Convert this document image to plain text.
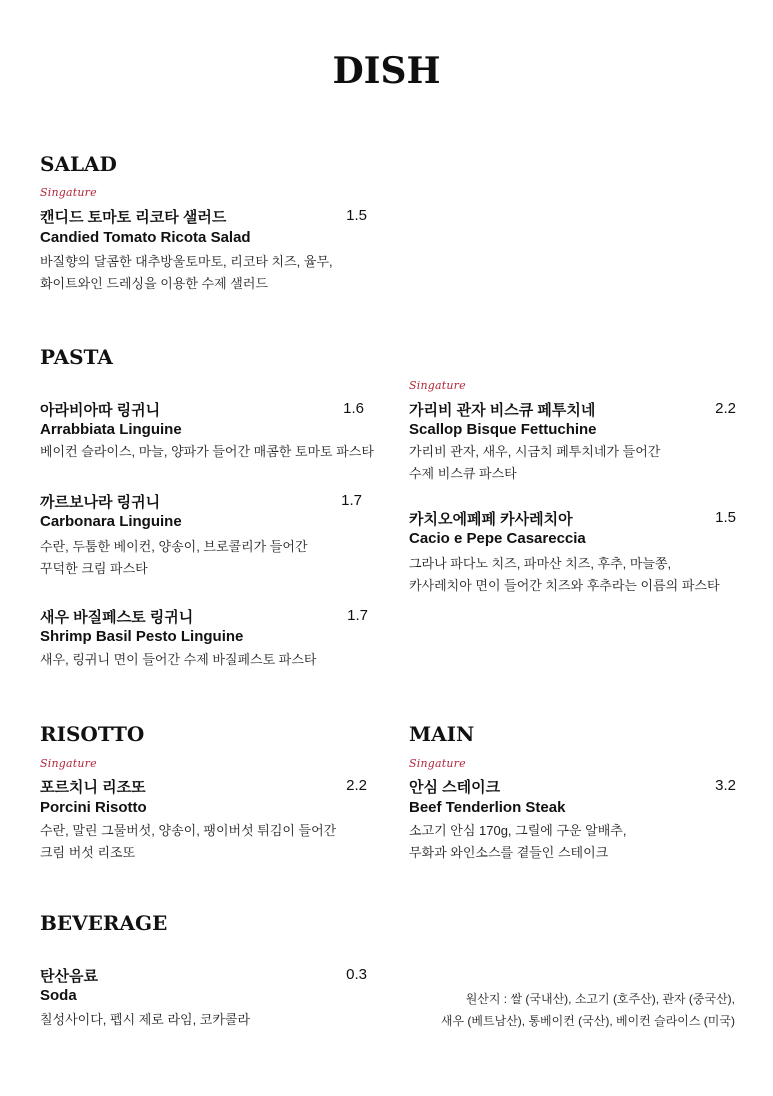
DISH
SALAD
Singature
캔디드 토마토 리코타 샐러드	1.5
Candied Tomato Ricota Salad
바질향의 달콤한 대추방울토마토, 리코타 치즈, 율무,
화이트와인 드레싱을 이용한 수제 샐러드
PASTA
아라비아따 링귀니	1.6
Arrabbiata Linguine
베이컨 슬라이스, 마늘, 양파가 들어간 매콤한 토마토 파스타
까르보나라 링귀니	1.7
Carbonara Linguine
수란, 두툼한 베이컨, 양송이, 브로콜리가 들어간
꾸덕한 크림 파스타
새우 바질페스토 링귀니	1.7
Shrimp Basil Pesto Linguine
새우, 링귀니 면이 들어간 수제 바질페스토 파스타
Singature
가리비 관자 비스큐 페투치네	2.2
Scallop Bisque Fettuchine
가리비 관자, 새우, 시금치 페투치네가 들어간
수제 비스큐 파스타
카치오에페페 카사레치아	1.5
Cacio e Pepe Casareccia
그라나 파다노 치즈, 파마산 치즈, 후추, 마늘쫑,
카사레치아 면이 들어간 치즈와 후추라는 이름의 파스타
RISOTTO
Singature
포르치니 리조또	2.2
Porcini Risotto
수란, 말린 그물버섯, 양송이, 팽이버섯 튀김이 들어간
크림 버섯 리조또
MAIN
Singature
안심 스테이크	3.2
Beef Tenderlion Steak
소고기 안심 170g, 그릴에 구운 알배추,
무화과 와인소스를 곁들인 스테이크
BEVERAGE
탄산음료	0.3
Soda
칠성사이다, 펩시 제로 라임, 코카콜라
원산지 : 쌀 (국내산), 소고기 (호주산), 관자 (중국산),
새우 (베트남산), 통베이컨 (국산), 베이컨 슬라이스 (미국)
